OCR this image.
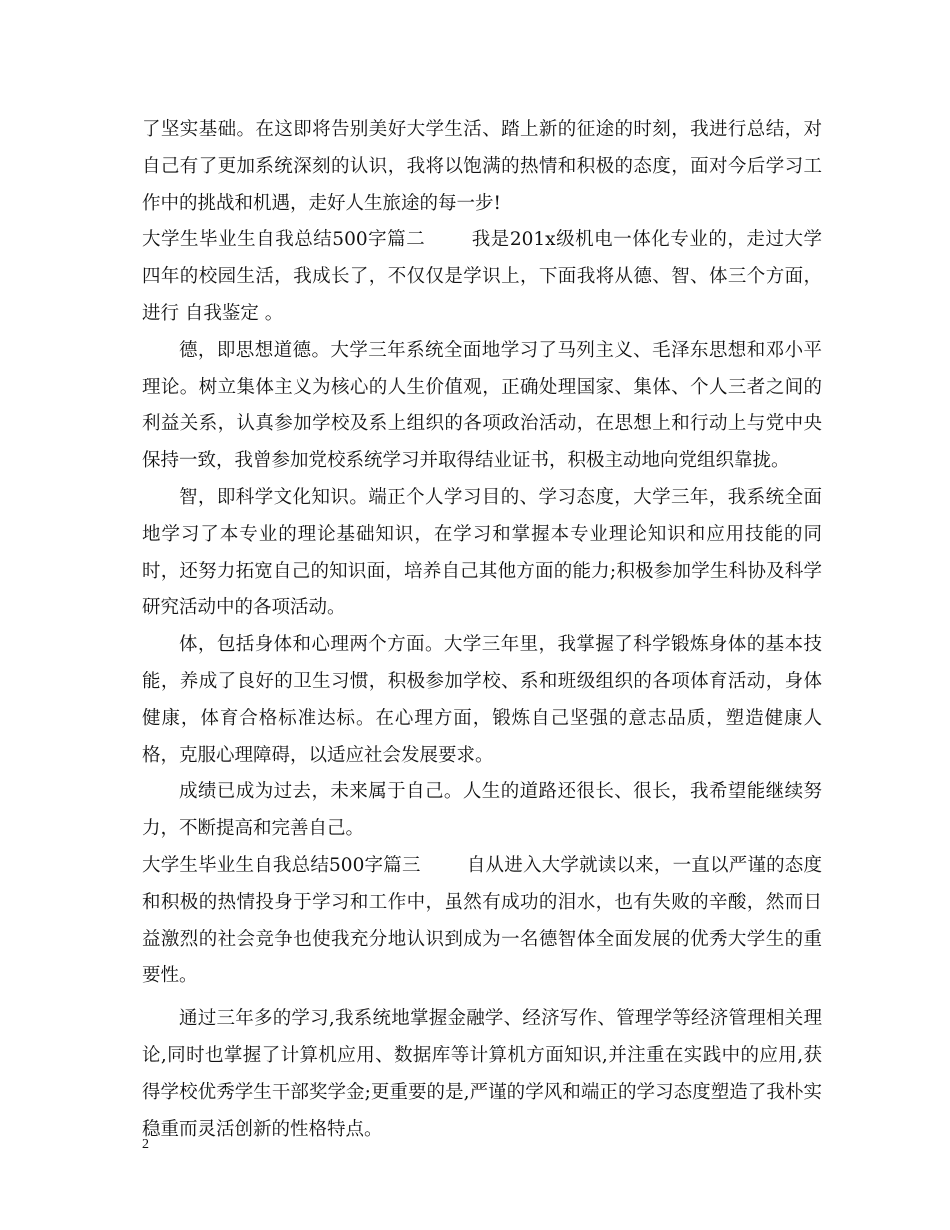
了坚实基础。在这即将告别美好大学生活、踏上新的征途的时刻，我进行总结，对自己有了更加系统深刻的认识，我将以饱满的热情和积极的态度，面对今后学习工作中的挑战和机遇，走好人生旅途的每一步!

大学生毕业生自我总结500字篇二 我是201x级机电一体化专业的，走过大学四年的校园生活，我成长了，不仅仅是学识上，下面我将从德、智、体三个方面，进行 自我鉴定 。

德，即思想道德。大学三年系统全面地学习了马列主义、毛泽东思想和邓小平理论。树立集体主义为核心的人生价值观，正确处理国家、集体、个人三者之间的利益关系，认真参加学校及系上组织的各项政治活动，在思想上和行动上与党中央保持一致，我曾参加党校系统学习并取得结业证书，积极主动地向党组织靠拢。

智，即科学文化知识。端正个人学习目的、学习态度，大学三年，我系统全面地学习了本专业的理论基础知识，在学习和掌握本专业理论知识和应用技能的同时，还努力拓宽自己的知识面，培养自己其他方面的能力;积极参加学生科协及科学研究活动中的各项活动。

体，包括身体和心理两个方面。大学三年里，我掌握了科学锻炼身体的基本技能，养成了良好的卫生习惯，积极参加学校、系和班级组织的各项体育活动，身体健康，体育合格标准达标。在心理方面，锻炼自己坚强的意志品质，塑造健康人格，克服心理障碍，以适应社会发展要求。

成绩已成为过去，未来属于自己。人生的道路还很长、很长，我希望能继续努力，不断提高和完善自己。

大学生毕业生自我总结500字篇三 自从进入大学就读以来，一直以严谨的态度和积极的热情投身于学习和工作中，虽然有成功的泪水，也有失败的辛酸，然而日益激烈的社会竞争也使我充分地认识到成为一名德智体全面发展的优秀大学生的重要性。

通过三年多的学习,我系统地掌握金融学、经济写作、管理学等经济管理相关理论,同时也掌握了计算机应用、数据库等计算机方面知识,并注重在实践中的应用,获得学校优秀学生干部奖学金;更重要的是,严谨的学风和端正的学习态度塑造了我朴实稳重而灵活创新的性格特点。

2
